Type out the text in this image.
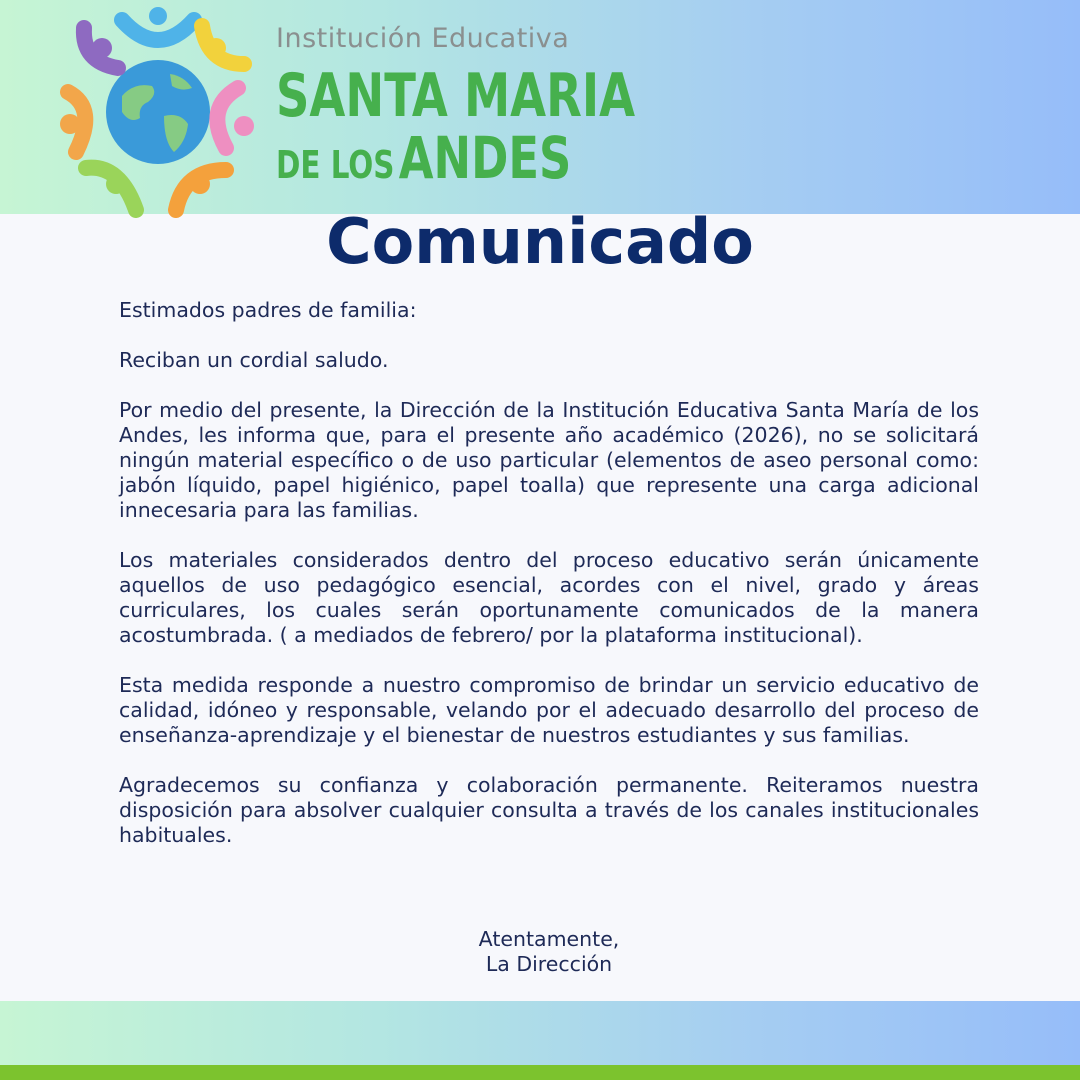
Institución Educativa
SANTA MARIA
DE LOS ANDES
Comunicado

Estimados padres de familia:

Reciban un cordial saludo.

Por medio del presente, la Dirección de la Institución Educativa Santa María de los Andes, les informa que, para el presente año académico (2026), no se solicitará ningún material específico o de uso particular (elementos de aseo personal como: jabón líquido, papel higiénico, papel toalla) que represente una carga adicional innecesaria para las familias.

Los materiales considerados dentro del proceso educativo serán únicamente aquellos de uso pedagógico esencial, acordes con el nivel, grado y áreas curriculares, los cuales serán oportunamente comunicados de la manera acostumbrada. ( a mediados de febrero/ por la plataforma institucional).

Esta medida responde a nuestro compromiso de brindar un servicio educativo de calidad, idóneo y responsable, velando por el adecuado desarrollo del proceso de enseñanza-aprendizaje y el bienestar de nuestros estudiantes y sus familias.

Agradecemos su confianza y colaboración permanente. Reiteramos nuestra disposición para absolver cualquier consulta a través de los canales institucionales habituales.

Atentamente,
La Dirección
